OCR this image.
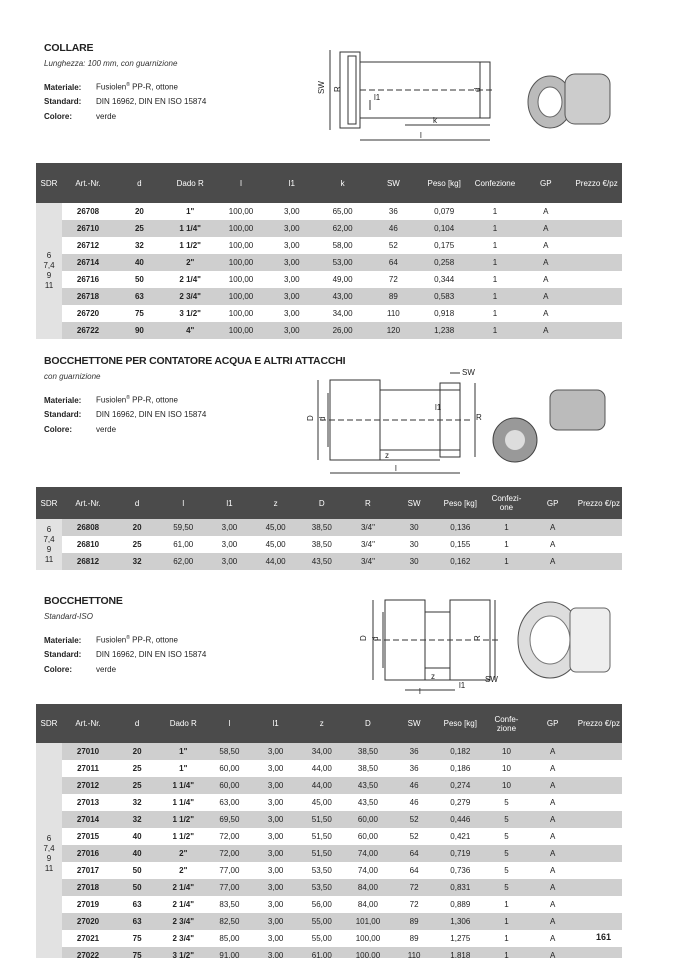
COLLARE
Lunghezza: 100 mm, con guarnizione
Materiale: Fusiolen® PP-R, ottone
Standard: DIN 16962, DIN EN ISO 15874
Colore:	verde
BOCCHETTONE PER CONTATORE ACQUA E ALTRI ATTACCHI
con guarnizione
Materiale: Fusiolen® PP-R, ottone
Standard: DIN 16962, DIN EN ISO 15874
Colore:	verde
BOCCHETTONE
Standard-ISO
Materiale: Fusiolen® PP-R, ottone
Standard: DIN 16962, DIN EN ISO 15874
Colore:	verde
SW R
l1
d
k
l
SW
D d
l1
R
z
l
D d	R
z
l
l1
SW
SDR	Art.-Nr.	d	Dado R	l	l1	k	SW	Peso [kg]	Confezione	GP	Prezzo €/pz

6
7,4
9
11	26708	20	1"	100,00	3,00	65,00	36	0,079	1	A	
	26710	25	1 1/4"	100,00	3,00	62,00	46	0,104	1	A	
	26712	32	1 1/2"	100,00	3,00	58,00	52	0,175	1	A	
	26714	40	2"	100,00	3,00	53,00	64	0,258	1	A	
	26716	50	2 1/4"	100,00	3,00	49,00	72	0,344	1	A	
	26718	63	2 3/4"	100,00	3,00	43,00	89	0,583	1	A	
	26720	75	3 1/2"	100,00	3,00	34,00	110	0,918	1	A	
	26722	90	4"	100,00	3,00	26,00	120	1,238	1	A	
SDR	Art.-Nr.	d	l	l1	z	D	R	SW	Peso [kg]	Confezi- one	GP	Prezzo €/pz

6
7,4
9
11	26808	20	59,50	3,00	45,00	38,50	3/4"	30	0,136	1	A	
	26810	25	61,00	3,00	45,00	38,50	3/4"	30	0,155	1	A	
	26812	32	62,00	3,00	44,00	43,50	3/4"	30	0,162	1	A	
SDR	Art.-Nr.	d	Dado R	l	l1	z	D	SW	Peso [kg]	Confe- zione	GP	Prezzo €/pz

6
7,4
9
11	27010	20	1"	58,50	3,00	34,00	38,50	36	0,182	10	A	
	27011	25	1"	60,00	3,00	44,00	38,50	36	0,186	10	A	
	27012	25	1 1/4"	60,00	3,00	44,00	43,50	46	0,274	10	A	
	27013	32	1 1/4"	63,00	3,00	45,00	43,50	46	0,279	5	A	
	27014	32	1 1/2"	69,50	3,00	51,50	60,00	52	0,446	5	A	
	27015	40	1 1/2"	72,00	3,00	51,50	60,00	52	0,421	5	A	
	27016	40	2"	72,00	3,00	51,50	74,00	64	0,719	5	A	
	27017	50	2"	77,00	3,00	53,50	74,00	64	0,736	5	A	
	27018	50	2 1/4"	77,00	3,00	53,50	84,00	72	0,831	5	A	
	27019	63	2 1/4"	83,50	3,00	56,00	84,00	72	0,889	1	A	
	27020	63	2 3/4"	82,50	3,00	55,00	101,00	89	1,306	1	A	
	27021	75	2 3/4"	85,00	3,00	55,00	100,00	89	1,275	1	A	
	27022	75	3 1/2"	91,00	3,00	61,00	100,00	110	1,818	1	A	
161
